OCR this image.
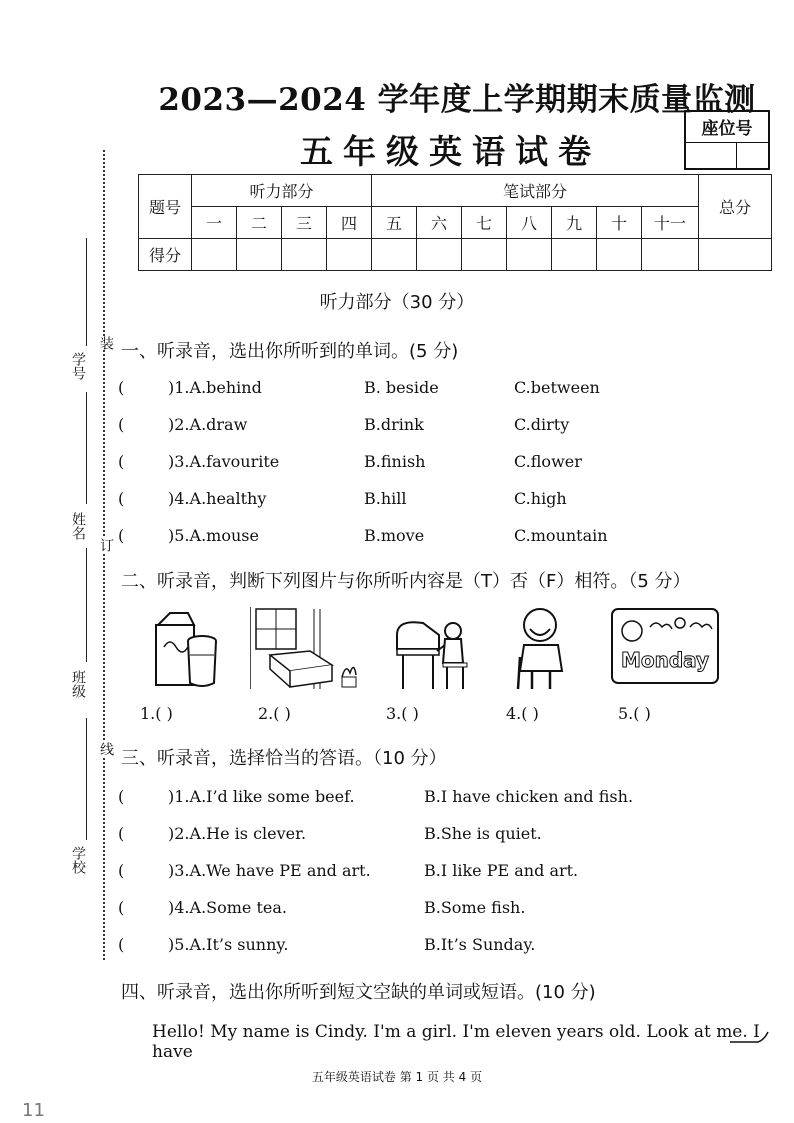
2023—2024 学年度上学期期末质量监测
五年级英语试卷
座位号
题号	听力部分				笔试部分							总分
	一	二	三	四	五	六	七	八	九	十	十一	
得分												
学号
姓名
班级
学校
装
订
线
听力部分（30 分）
一、听录音，选出你所听到的单词。(5 分)
(	)1.A.behind	B. beside	C.between
(	)2.A.draw	B.drink	C.dirty
(	)3.A.favourite	B.finish	C.flower
(	)4.A.healthy	B.hill	C.high
(	)5.A.mouse	B.move	C.mountain
二、听录音，判断下列图片与你所听内容是（T）否（F）相符。（5 分）
Monday
1.( )	2.( )	3.( )	4.( )	5.( )
三、听录音，选择恰当的答语。（10 分）
(	)1.A.I’d like some beef.	B.I have chicken and fish.
(	)2.A.He is clever.	B.She is quiet.
(	)3.A.We have PE and art.	B.I like PE and art.
(	)4.A.Some tea.	B.Some fish.
(	)5.A.It’s sunny.	B.It’s Sunday.
四、听录音，选出你所听到短文空缺的单词或短语。(10 分)
Hello! My name is Cindy. I'm a girl. I'm eleven years old. Look at me. I have
五年级英语试卷 第 1 页 共 4 页
11
